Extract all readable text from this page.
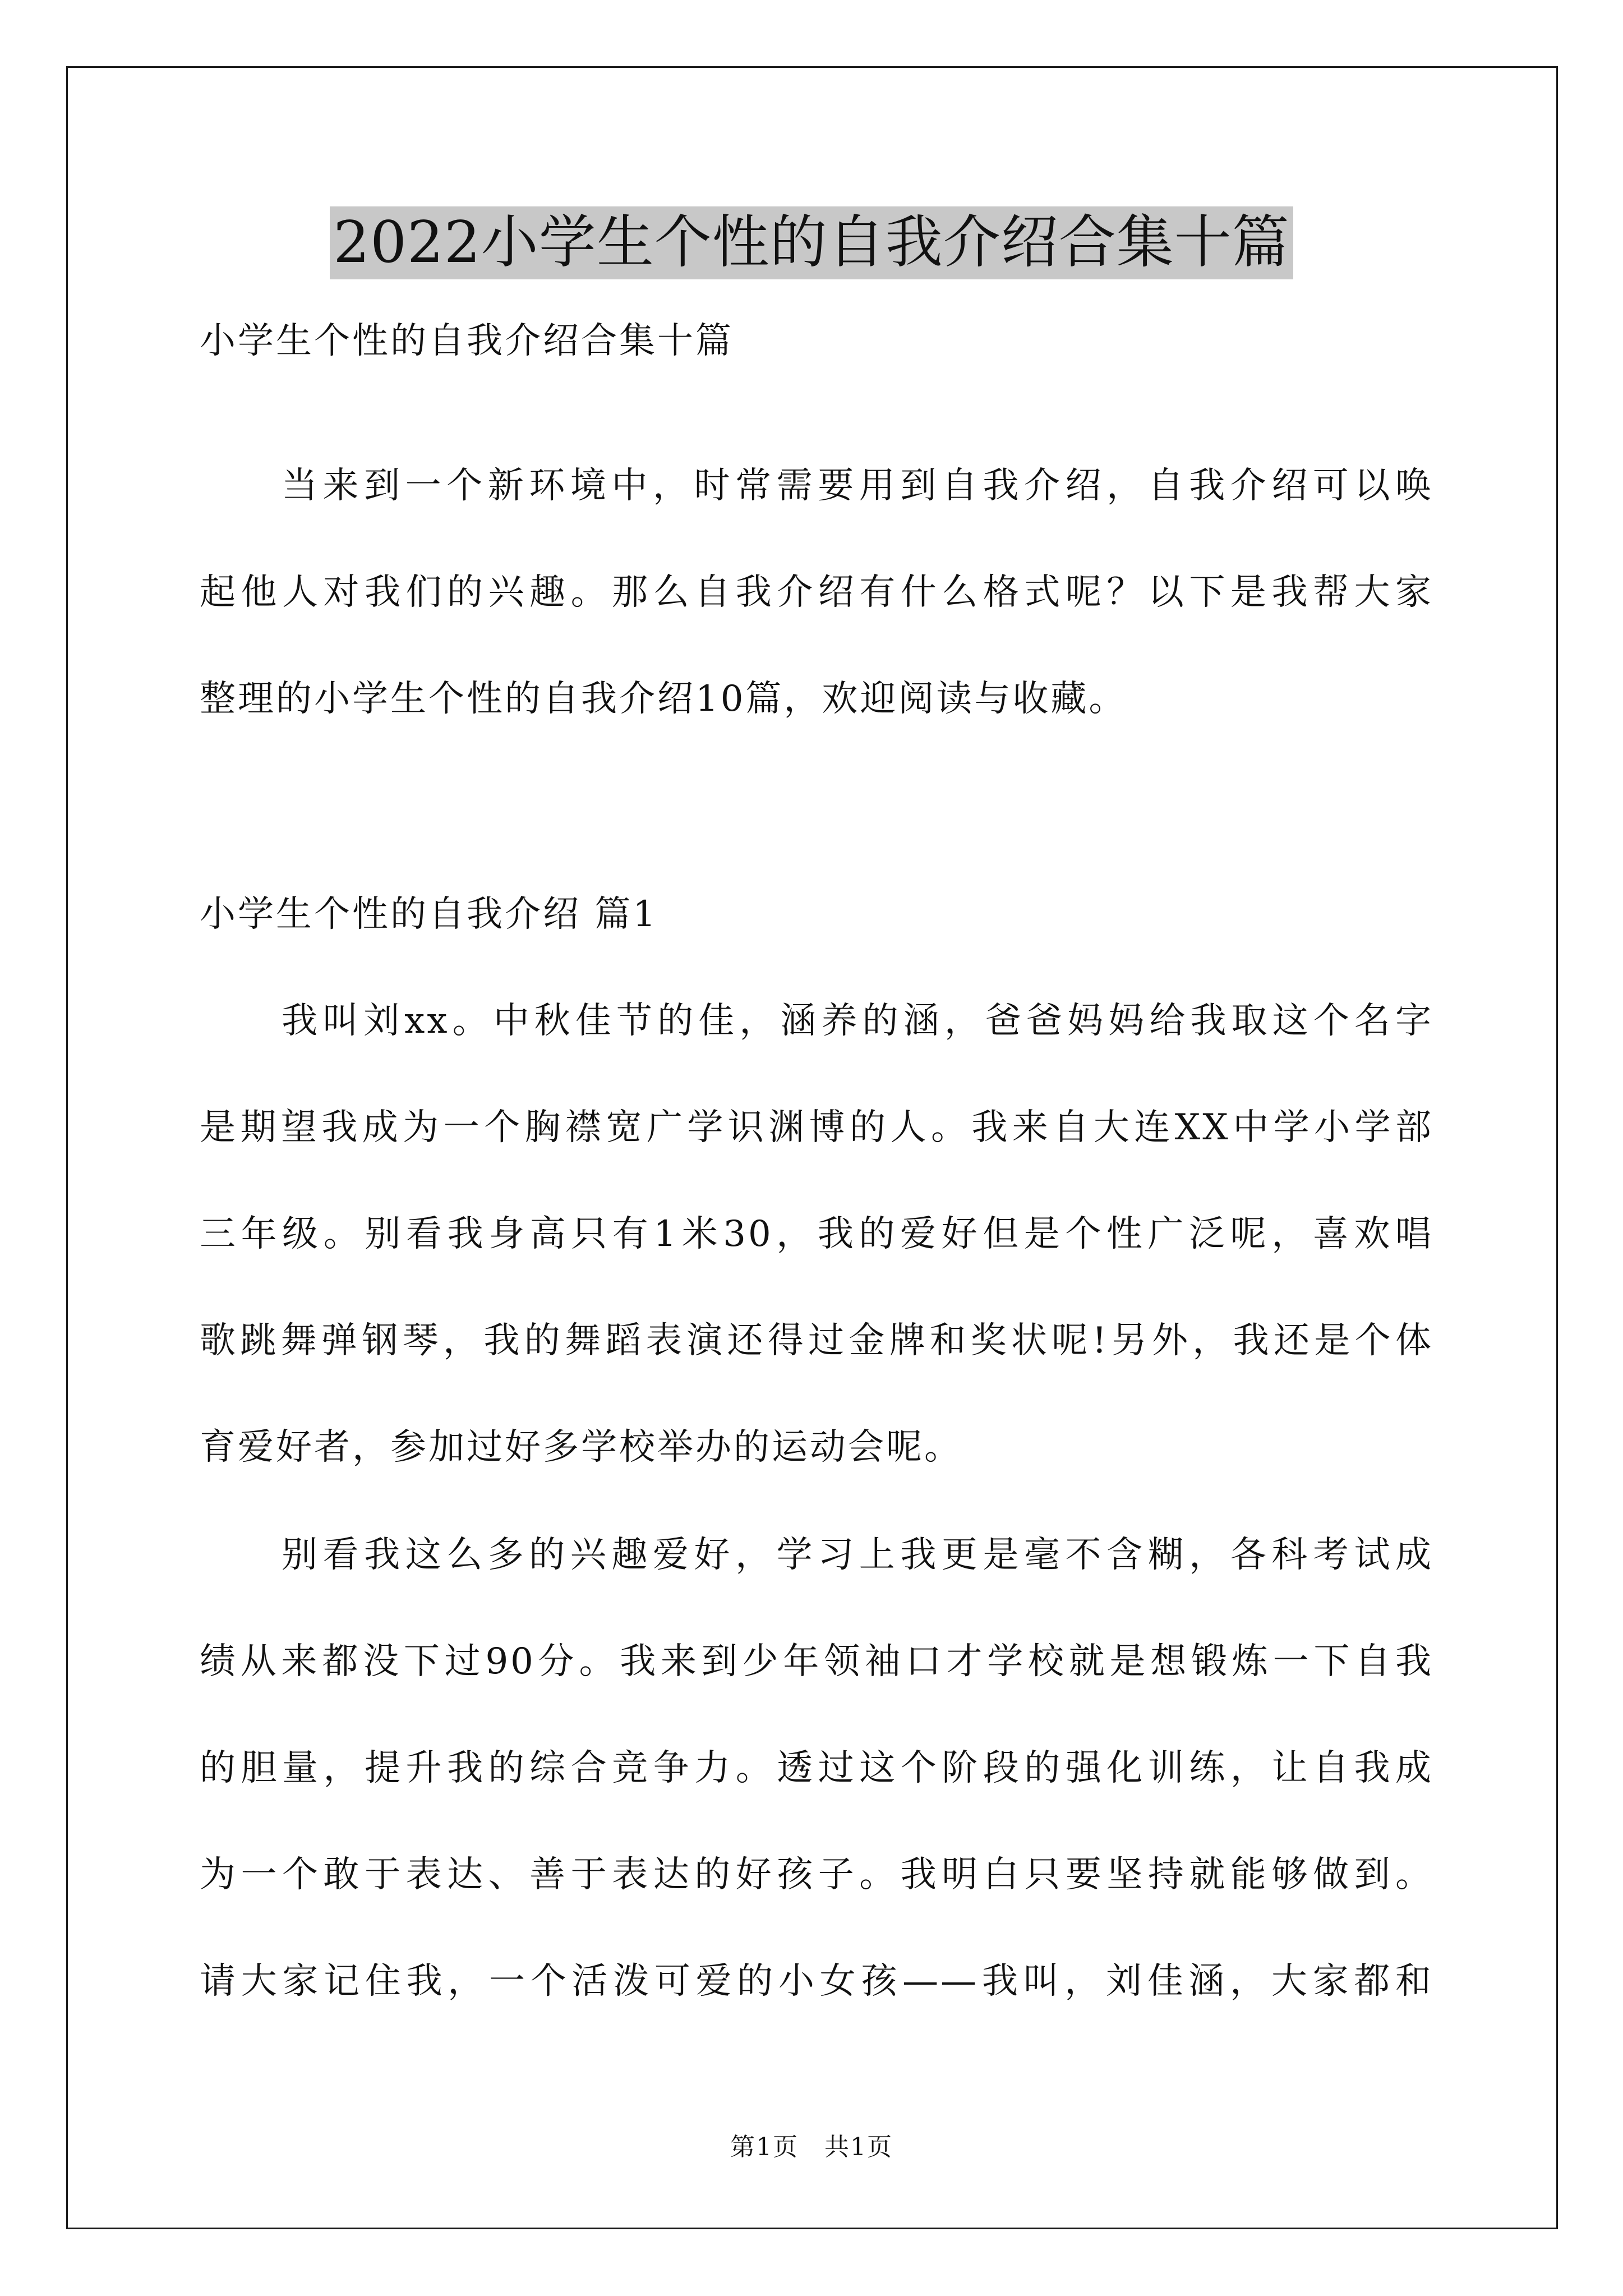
2022小学生个性的自我介绍合集十篇
小学生个性的自我介绍合集十篇
当来到一个新环境中，时常需要用到自我介绍，自我介绍可以唤
起他人对我们的兴趣。那么自我介绍有什么格式呢？以下是我帮大家
整理的小学生个性的自我介绍10篇，欢迎阅读与收藏。
小学生个性的自我介绍 篇1
我叫刘xx。中秋佳节的佳，涵养的涵，爸爸妈妈给我取这个名字
是期望我成为一个胸襟宽广学识渊博的人。我来自大连XX中学小学部
三年级。别看我身高只有1米30，我的爱好但是个性广泛呢，喜欢唱
歌跳舞弹钢琴，我的舞蹈表演还得过金牌和奖状呢!另外，我还是个体
育爱好者，参加过好多学校举办的运动会呢。
别看我这么多的兴趣爱好，学习上我更是毫不含糊，各科考试成
绩从来都没下过90分。我来到少年领袖口才学校就是想锻炼一下自我
的胆量，提升我的综合竞争力。透过这个阶段的强化训练，让自我成
为一个敢于表达、善于表达的好孩子。我明白只要坚持就能够做到。
请大家记住我，一个活泼可爱的小女孩——我叫，刘佳涵，大家都和
第1页　共1页
